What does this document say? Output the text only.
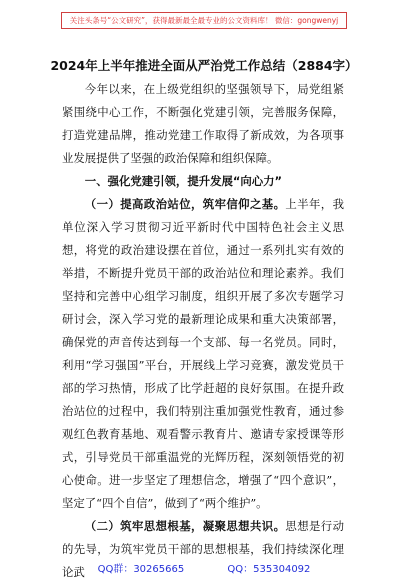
关注头条号“公文研究”，获得最新最全最专业的公文资料库！ 微信：gongwenyj
2024年上半年推进全面从严治党工作总结（2884字）

今年以来，在上级党组织的坚强领导下，局党组紧紧围绕中心工作，不断强化党建引领，完善服务保障，打造党建品牌，推动党建工作取得了新成效，为各项事业发展提供了坚强的政治保障和组织保障。

一、强化党建引领，提升发展“向心力”

（一）提高政治站位，筑牢信仰之基。上半年，我单位深入学习贯彻习近平新时代中国特色社会主义思想，将党的政治建设摆在首位，通过一系列扎实有效的举措，不断提升党员干部的政治站位和理论素养。我们坚持和完善中心组学习制度，组织开展了多次专题学习研讨会，深入学习党的最新理论成果和重大决策部署，确保党的声音传达到每一个支部、每一名党员。同时，利用“学习强国”平台，开展线上学习竞赛，激发党员干部的学习热情，形成了比学赶超的良好氛围。在提升政治站位的过程中，我们特别注重加强党性教育，通过参观红色教育基地、观看警示教育片、邀请专家授课等形式，引导党员干部重温党的光辉历程，深刻领悟党的初心使命。进一步坚定了理想信念，增强了“四个意识”，坚定了“四个自信”，做到了“两个维护”。

（二）筑牢思想根基，凝聚思想共识。思想是行动的先导，为筑牢党员干部的思想根基，我们持续深化理论武	QQ群：30265665	QQ：535304092
